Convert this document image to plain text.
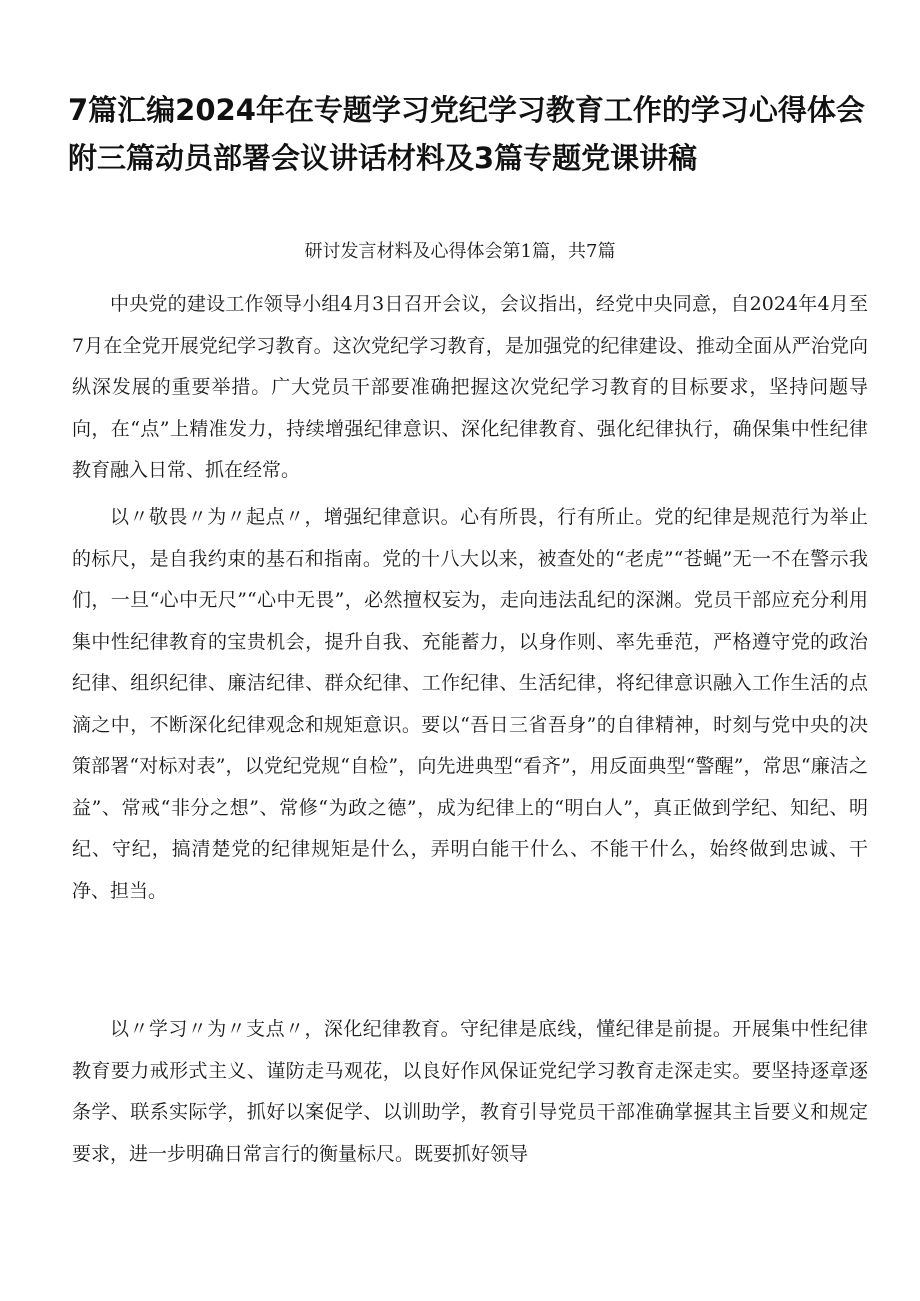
7篇汇编2024年在专题学习党纪学习教育工作的学习心得体会附三篇动员部署会议讲话材料及3篇专题党课讲稿

研讨发言材料及心得体会第1篇，共7篇

中央党的建设工作领导小组4月3日召开会议，会议指出，经党中央同意，自2024年4月至7月在全党开展党纪学习教育。这次党纪学习教育，是加强党的纪律建设、推动全面从严治党向纵深发展的重要举措。广大党员干部要准确把握这次党纪学习教育的目标要求，坚持问题导向，在“点”上精准发力，持续增强纪律意识、深化纪律教育、强化纪律执行，确保集中性纪律教育融入日常、抓在经常。

以〃敬畏〃为〃起点〃，增强纪律意识。心有所畏，行有所止。党的纪律是规范行为举止的标尺，是自我约束的基石和指南。党的十八大以来，被查处的“老虎”“苍蝇”无一不在警示我们，一旦“心中无尺”“心中无畏”，必然擅权妄为，走向违法乱纪的深渊。党员干部应充分利用集中性纪律教育的宝贵机会，提升自我、充能蓄力，以身作则、率先垂范，严格遵守党的政治纪律、组织纪律、廉洁纪律、群众纪律、工作纪律、生活纪律，将纪律意识融入工作生活的点滴之中，不断深化纪律观念和规矩意识。要以“吾日三省吾身”的自律精神，时刻与党中央的决策部署“对标对表”，以党纪党规“自检”，向先进典型“看齐”，用反面典型“警醒”，常思“廉洁之益”、常戒“非分之想”、常修“为政之德”，成为纪律上的“明白人”，真正做到学纪、知纪、明纪、守纪，搞清楚党的纪律规矩是什么，弄明白能干什么、不能干什么，始终做到忠诚、干净、担当。

以〃学习〃为〃支点〃，深化纪律教育。守纪律是底线，懂纪律是前提。开展集中性纪律教育要力戒形式主义、谨防走马观花，以良好作风保证党纪学习教育走深走实。要坚持逐章逐条学、联系实际学，抓好以案促学、以训助学，教育引导党员干部准确掌握其主旨要义和规定要求，进一步明确日常言行的衡量标尺。既要抓好领导
